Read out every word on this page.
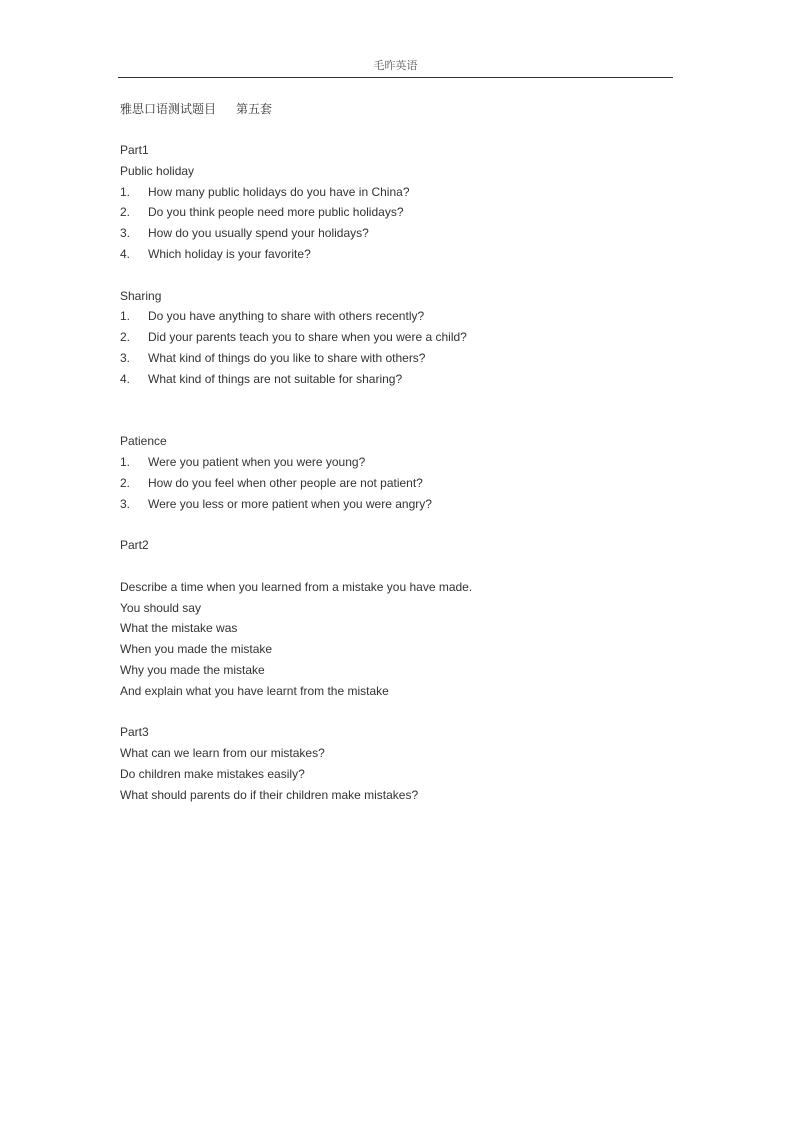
毛昨英语
雅思口语测试题目 第五套
Part1
Public holiday
1. How many public holidays do you have in China?
2. Do you think people need more public holidays?
3. How do you usually spend your holidays?
4. Which holiday is your favorite?
Sharing
1. Do you have anything to share with others recently?
2. Did your parents teach you to share when you were a child?
3. What kind of things do you like to share with others?
4. What kind of things are not suitable for sharing?
Patience
1. Were you patient when you were young?
2. How do you feel when other people are not patient?
3. Were you less or more patient when you were angry?
Part2
Describe a time when you learned from a mistake you have made.
You should say
What the mistake was
When you made the mistake
Why you made the mistake
And explain what you have learnt from the mistake
Part3
What can we learn from our mistakes?
Do children make mistakes easily?
What should parents do if their children make mistakes?
